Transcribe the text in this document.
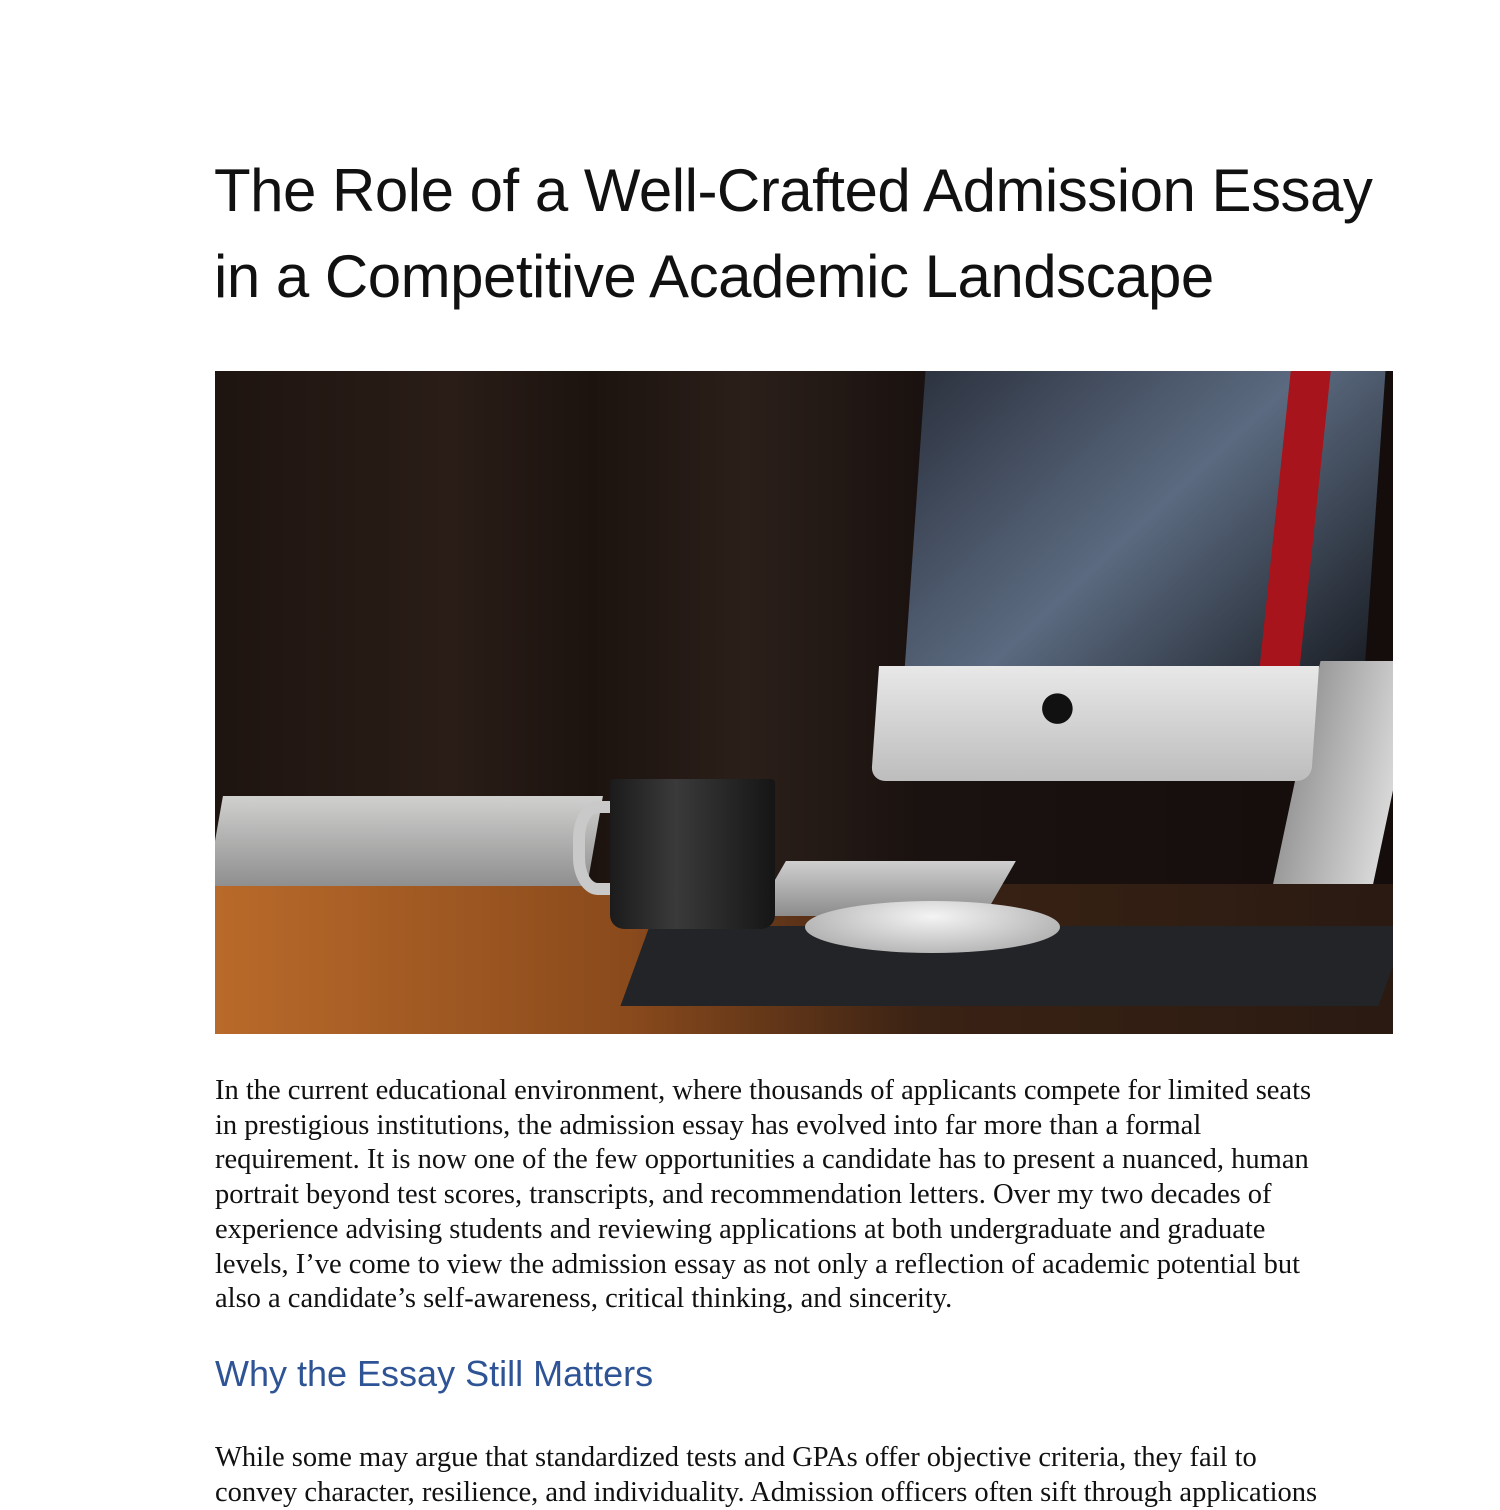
The Role of a Well-Crafted Admission Essay
in a Competitive Academic Landscape
●
In the current educational environment, where thousands of applicants compete for limited seats
in prestigious institutions, the admission essay has evolved into far more than a formal
requirement. It is now one of the few opportunities a candidate has to present a nuanced, human
portrait beyond test scores, transcripts, and recommendation letters. Over my two decades of
experience advising students and reviewing applications at both undergraduate and graduate
levels, I’ve come to view the admission essay as not only a reflection of academic potential but
also a candidate’s self-awareness, critical thinking, and sincerity.
Why the Essay Still Matters
While some may argue that standardized tests and GPAs offer objective criteria, they fail to
convey character, resilience, and individuality. Admission officers often sift through applications
